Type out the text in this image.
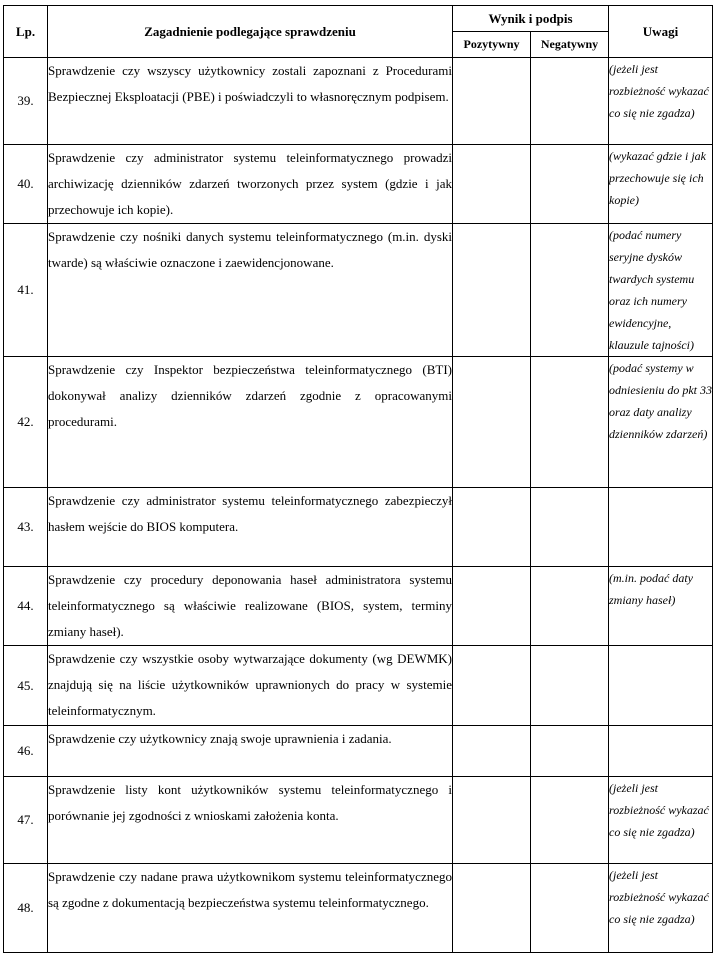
Lp.	Zagadnienie podlegające sprawdzeniu	Wynik i podpis		Uwagi
		Pozytywny	Negatywny	
39.	Sprawdzenie czy wszyscy użytkownicy zostali zapoznani z Procedurami Bezpiecznej Eksploatacji (PBE) i poświadczyli to własnoręcznym podpisem.			(jeżeli jest rozbieżność wykazać co się nie zgadza)
40.	Sprawdzenie czy administrator systemu teleinformatycznego prowadzi archiwizację dzienników zdarzeń tworzonych przez system (gdzie i jak przechowuje ich kopie).			(wykazać gdzie i jak przechowuje się ich kopie)
41.	Sprawdzenie czy nośniki danych systemu teleinformatycznego (m.in. dyski twarde) są właściwie oznaczone i zaewidencjonowane.			(podać numery seryjne dysków twardych systemu oraz ich numery ewidencyjne, klauzule tajności)
42.	Sprawdzenie czy Inspektor bezpieczeństwa teleinformatycznego (BTI) dokonywał analizy dzienników zdarzeń zgodnie z opracowanymi procedurami.			(podać systemy w odniesieniu do pkt 33 oraz daty analizy dzienników zdarzeń)
43.	Sprawdzenie czy administrator systemu teleinformatycznego zabezpieczył hasłem wejście do BIOS komputera.			

44.	Sprawdzenie czy procedury deponowania haseł administratora systemu teleinformatycznego są właściwie realizowane (BIOS, system, terminy zmiany haseł).			(m.in. podać daty zmiany haseł)
45.	Sprawdzenie czy wszystkie osoby wytwarzające dokumenty (wg DEWMK) znajdują się na liście użytkowników uprawnionych do pracy w systemie teleinformatycznym.			

46.	Sprawdzenie czy użytkownicy znają swoje uprawnienia i zadania.			

47.	Sprawdzenie listy kont użytkowników systemu teleinformatycznego i porównanie jej zgodności z wnioskami założenia konta.			(jeżeli jest rozbieżność wykazać co się nie zgadza)
48.	Sprawdzenie czy nadane prawa użytkownikom systemu teleinformatycznego są zgodne z dokumentacją bezpieczeństwa systemu teleinformatycznego.			(jeżeli jest rozbieżność wykazać co się nie zgadza)
